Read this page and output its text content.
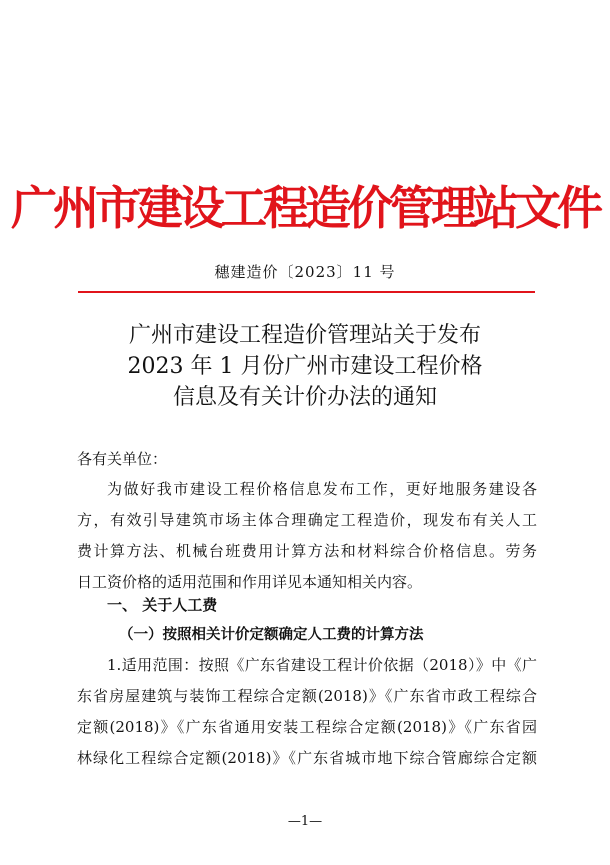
广州市建设工程造价管理站文件
穗建造价〔2023〕11 号
广州市建设工程造价管理站关于发布
2023 年 1 月份广州市建设工程价格
信息及有关计价办法的通知
各有关单位：

为做好我市建设工程价格信息发布工作，更好地服务建设各

方，有效引导建筑市场主体合理确定工程造价，现发布有关人工

费计算方法、机械台班费用计算方法和材料综合价格信息。劳务

日工资价格的适用范围和作用详见本通知相关内容。

一、 关于人工费
（一）按照相关计价定额确定人工费的计算方法

1.适用范围：按照《广东省建设工程计价依据（2018）》中《广

东省房屋建筑与装饰工程综合定额(2018)》《广东省市政工程综合

定额(2018)》《广东省通用安装工程综合定额(2018)》《广东省园

林绿化工程综合定额(2018)》《广东省城市地下综合管廊综合定额

—1—
